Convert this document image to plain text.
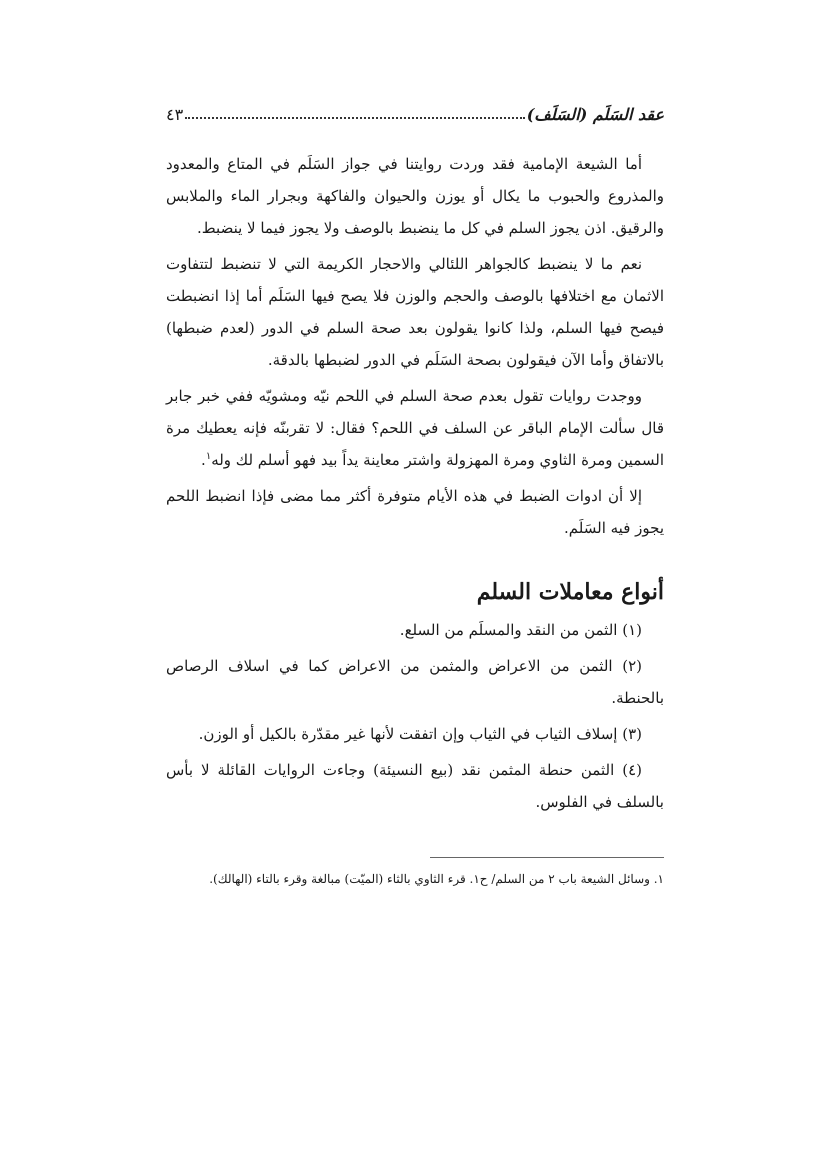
عقد السَلَم (السَلَف)
٤٣

أما الشيعة الإمامية فقد وردت روايتنا في جواز السَلَم في المتاع والمعدود والمذروع والحبوب ما يكال أو يوزن والحيوان والفاكهة وبجرار الماء والملابس والرقيق. اذن يجوز السلم في كل ما ينضبط بالوصف ولا يجوز فيما لا ينضبط.

نعم ما لا ينضبط كالجواهر اللئالي والاحجار الكريمة التي لا تنضبط لتتفاوت الاثمان مع اختلافها بالوصف والحجم والوزن فلا يصح فيها السَلَم أما إذا انضبطت فيصح فيها السلم، ولذا كانوا يقولون بعد صحة السلم في الدور (لعدم ضبطها) بالاتفاق وأما الآن فيقولون بصحة السَلَم في الدور لضبطها بالدقة.

ووجدت روايات تقول بعدم صحة السلم في اللحم نيّه ومشويّه ففي خبر جابر قال سألت الإمام الباقر عن السلف في اللحم؟ فقال: لا تقربنّه فإنه يعطيك مرة السمين ومرة الثاوي ومرة المهزولة واشتر معاينة يداً بيد فهو أسلم لك وله$^١$.

إلا أن ادوات الضبط في هذه الأيام متوفرة أكثر مما مضى فإذا انضبط اللحم يجوز فيه السَلَم.

أنواع معاملات السلم

(١) الثمن من النقد والمسلَم من السلع.

(٢) الثمن من الاعراض والمثمن من الاعراض كما في اسلاف الرصاص بالحنطة.

(٣) إسلاف الثياب في الثياب وإن اتفقت لأنها غير مقدّرة بالكيل أو الوزن.

(٤) الثمن حنطة المثمن نقد (بيع النسيئة) وجاءت الروايات القائلة لا بأس بالسلف في الفلوس.

١. وسائل الشيعة باب ٢ من السلم/ ح١. قرء الثاوي بالثاء (الميّت) مبالغة وقرء بالتاء (الهالك).
